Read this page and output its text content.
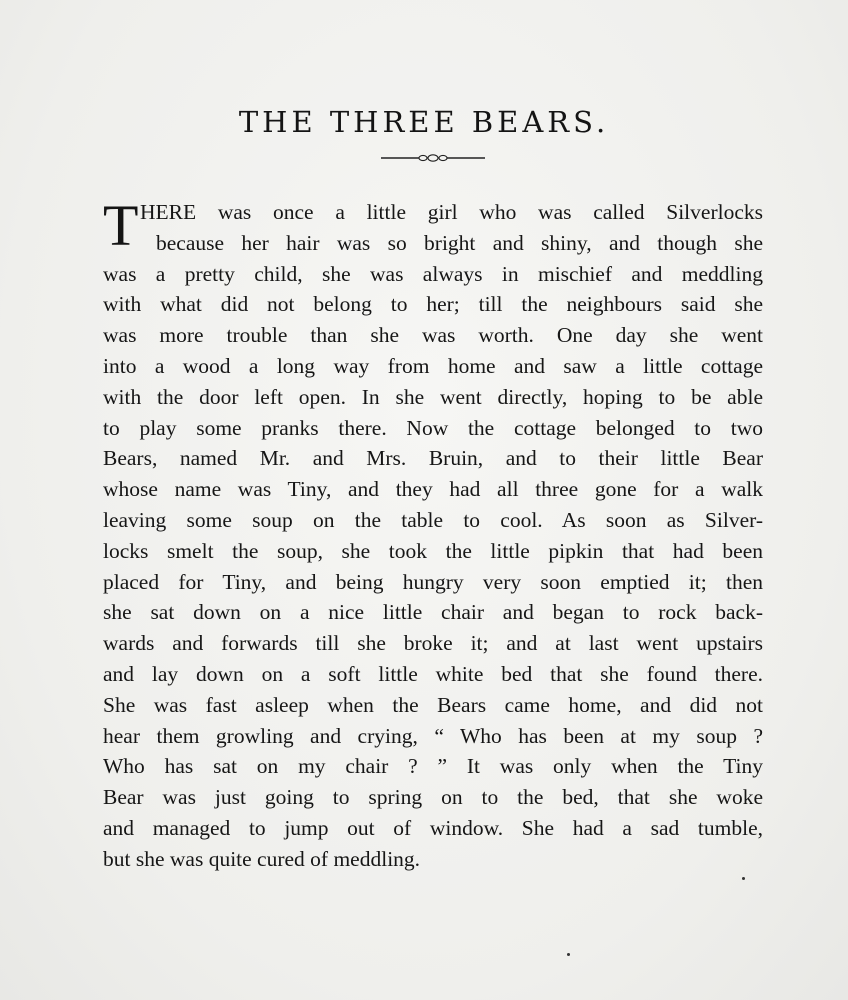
THE THREE BEARS.
T HERE was once a little girl who was called Silverlocks
because her hair was so bright and shiny, and though she
was a pretty child, she was always in mischief and meddling
with what did not belong to her; till the neighbours said she
was more trouble than she was worth. One day she went
into a wood a long way from home and saw a little cottage
with the door left open. In she went directly, hoping to be able
to play some pranks there. Now the cottage belonged to two
Bears, named Mr. and Mrs. Bruin, and to their little Bear
whose name was Tiny, and they had all three gone for a walk
leaving some soup on the table to cool. As soon as Silver-
locks smelt the soup, she took the little pipkin that had been
placed for Tiny, and being hungry very soon emptied it; then
she sat down on a nice little chair and began to rock back-
wards and forwards till she broke it; and at last went upstairs
and lay down on a soft little white bed that she found there.
She was fast asleep when the Bears came home, and did not
hear them growling and crying, “ Who has been at my soup ?
Who has sat on my chair ? ” It was only when the Tiny
Bear was just going to spring on to the bed, that she woke
and managed to jump out of window. She had a sad tumble,
but she was quite cured of meddling.
